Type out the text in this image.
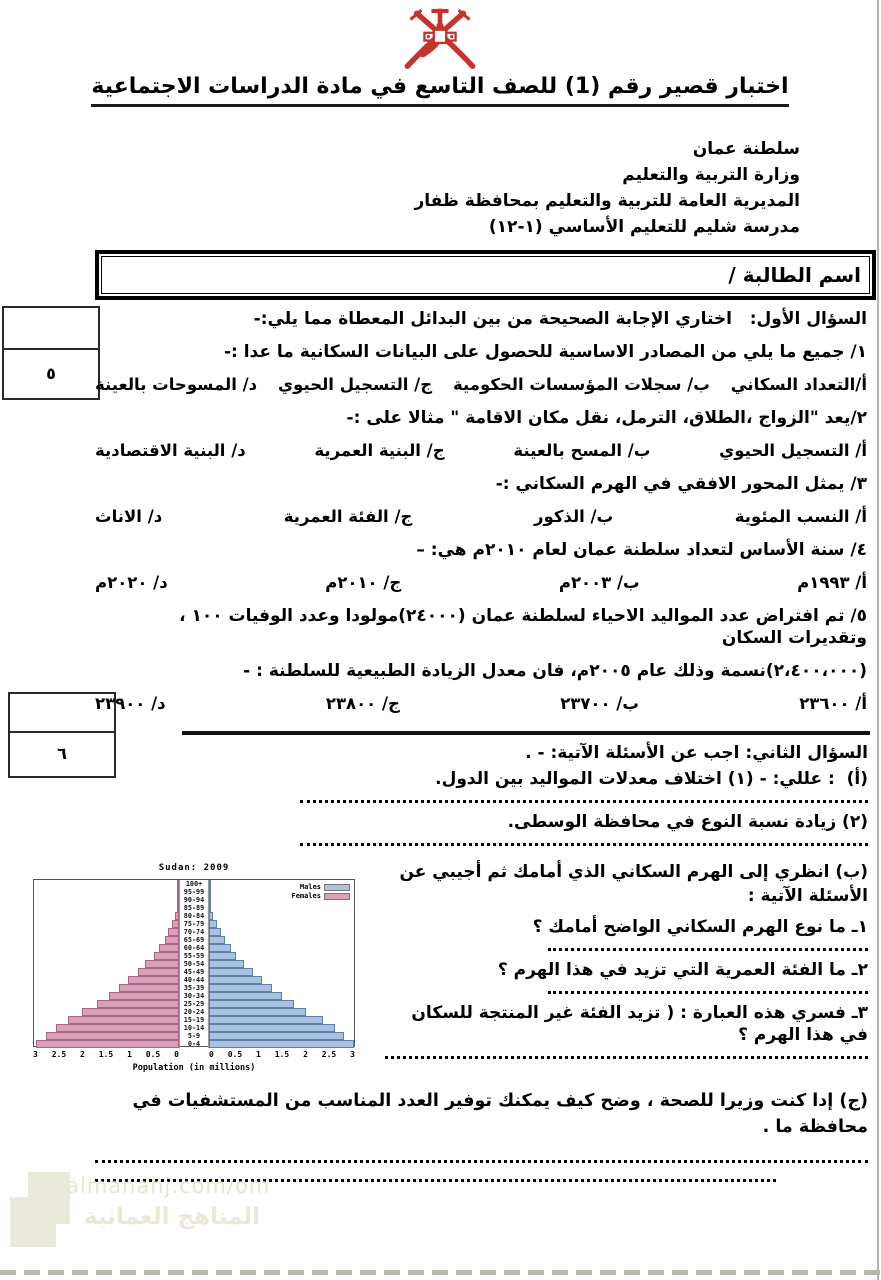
اختبار قصير رقم (1) للصف التاسع في مادة الدراسات الاجتماعية
سلطنة عمان
وزارة التربية والتعليم
المديرية العامة للتربية والتعليم بمحافظة ظفار
مدرسة شليم للتعليم الأساسي (١-١٢)
اسم الطالبة /
٥
٦
السؤال الأول:   اختاري الإجابة الصحيحة من بين البدائل المعطاة مما يلي:-
١/ جميع ما يلي من المصادر الاساسية للحصول على البيانات السكانية ما عدا :-
أ/التعداد السكاني
ب/ سجلات المؤسسات الحكومية
ج/ التسجيل الحيوي
د/ المسوحات بالعينة
٢/يعد "الزواج ،الطلاق، الترمل، نقل مكان الاقامة " مثالا على :-
أ/ التسجيل الحيوي
ب/ المسح بالعينة
ج/ البنية العمرية
د/ البنية الاقتصادية
٣/ يمثل المحور الافقي في الهرم السكاني :-
أ/ النسب المئوية
ب/ الذكور
ج/ الفئة العمرية
د/ الاناث
٤/ سنة الأساس لتعداد سلطنة عمان لعام ٢٠١٠م هي: –
أ/ ١٩٩٣م
ب/ ٢٠٠٣م
ج/ ٢٠١٠م
د/ ٢٠٢٠م
٥/ تم افتراض عدد المواليد الاحياء لسلطنة عمان (٢٤٠٠٠)مولودا وعدد الوفيات ١٠٠ ، وتقديرات السكان
(٢،٤٠٠،٠٠٠)نسمة وذلك عام ٢٠٠٥م، فان معدل الزيادة الطبيعية للسلطنة : -
أ/ ٢٣٦٠٠
ب/ ٢٣٧٠٠
ج/ ٢٣٨٠٠
د/ ٢٣٩٠٠
السؤال الثاني: اجب عن الأسئلة الآتية: - .
(أ)  : عللي: - (١) اختلاف معدلات المواليد بين الدول.
(٢) زيادة نسبة النوع في محافظة الوسطى.
Sudan: 2009
100+
95-99
90-94
85-89
80-84
75-79
70-74
65-69
60-64
55-59
50-54
45-49
40-44
35-39
30-34
25-29
20-24
15-19
10-14
5-9
0-4
Males
Females
3 2.5 2 1.5 1 0.5 0	0 0.5 1 1.5 2 2.5 3
Population (in millions)
(ب) انظري إلى الهرم السكاني الذي أمامك ثم أجيبي عن الأسئلة الآتية :
١ـ ما نوع الهرم السكاني الواضح أمامك ؟
٢ـ ما الفئة العمرية التي تزيد في هذا الهرم ؟
٣ـ فسري هذه العبارة : ( تزيد الفئة غير المنتجة للسكان في هذا الهرم ؟
(ج) إدا كنت وزيرا للصحة ، وضح كيف يمكنك توفير العدد المناسب من المستشفيات في محافظة ما .
almanahj.com/om
المناهج العمانية
